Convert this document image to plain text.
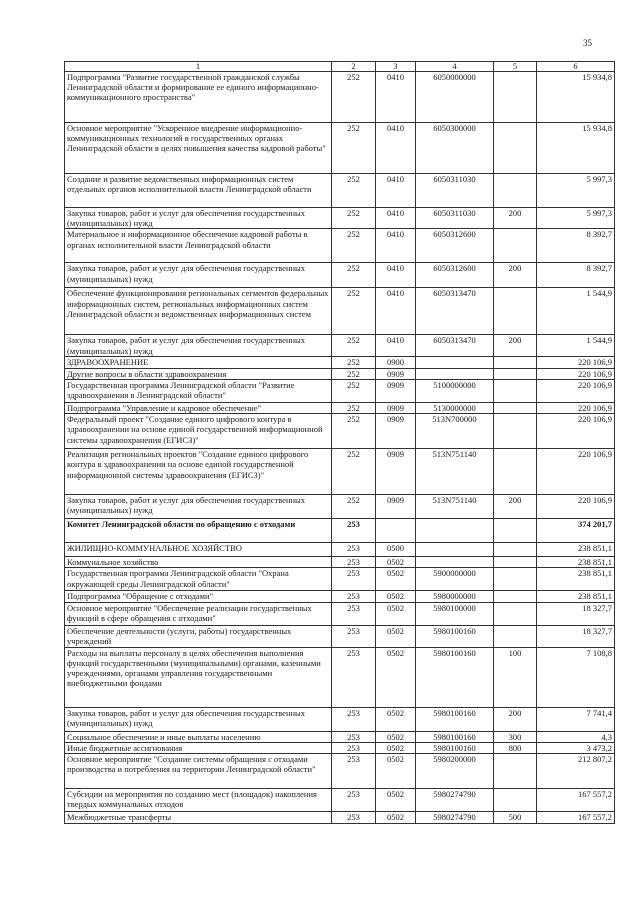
35
1	2	3	4	5	6
Подпрограмма "Развитие государственной гражданской службы Ленинградской области и формирование ее единого информационно-коммуникационного пространства"	252	0410	6050000000		15 934,8
Основное мероприятие "Ускоренное внедрение информационно-коммуникационных технологий в государственных органах Ленинградской области в целях повышения качества кадровой работы"	252	0410	6050300000		15 934,8
Создание и развитие ведомственных информационных систем отдельных органов исполнительной власти Ленинградской области	252	0410	6050311030		5 997,3
Закупка товаров, работ и услуг для обеспечения государственных (муниципальных) нужд	252	0410	6050311030	200	5 997,3
Материальное и информационное обеспечение кадровой работы в органах исполнительной власти Ленинградской области	252	0410	6050312600		8 392,7
Закупка товаров, работ и услуг для обеспечения государственных (муниципальных) нужд	252	0410	6050312600	200	8 392,7
Обеспечение функционирования региональных сегментов федеральных информационных систем, региональных информационных систем Ленинградской области и ведомственных информационных систем	252	0410	6050313470		1 544,9
Закупка товаров, работ и услуг для обеспечения государственных (муниципальных) нужд	252	0410	6050313470	200	1 544,9
ЗДРАВООХРАНЕНИЕ	252	0900			220 106,9
Другие вопросы в области здравоохранения	252	0909			220 106,9
Государственная программа Ленинградской области "Развитие здравоохранения в Ленинградской области"	252	0909	5100000000		220 106,9
Подпрограмма "Управление и кадровое обеспечение"	252	0909	5130000000		220 106,9
Федеральный проект "Создание единого цифрового контура в здравоохранении на основе единой государственной информационной системы здравоохранения (ЕГИСЗ)"	252	0909	513N700000		220 106,9
Реализация региональных проектов "Создание единого цифрового контура в здравоохранении на основе единой государственной информационной системы здравоохранения (ЕГИСЗ)"	252	0909	513N751140		220 106,9
Закупка товаров, работ и услуг для обеспечения государственных (муниципальных) нужд	252	0909	513N751140	200	220 106,9
Комитет Ленинградской области по обращению с отходами	253				374 201,7
ЖИЛИЩНО-КОММУНАЛЬНОЕ ХОЗЯЙСТВО	253	0500			238 851,1
Коммунальное хозяйство	253	0502			238 851,1
Государственная программа Ленинградской области "Охрана окружающей среды Ленинградской области"	253	0502	5900000000		238 851,1
Подпрограмма "Обращение с отходами"	253	0502	5980000000		238 851,1
Основное мероприятие "Обеспечение реализации государственных функций в сфере обращения с отходами"	253	0502	5980100000		18 327,7
Обеспечение деятельности (услуги, работы) государственных учреждений	253	0502	5980100160		18 327,7
Расходы на выплаты персоналу в целях обеспечения выполнения функций государственными (муниципальными) органами, казенными учреждениями, органами управления государственными внебюджетными фондами	253	0502	5980100160	100	7 108,8
Закупка товаров, работ и услуг для обеспечения государственных (муниципальных) нужд	253	0502	5980100160	200	7 741,4
Социальное обеспечение и иные выплаты населению	253	0502	5980100160	300	4,3
Иные бюджетные ассигнования	253	0502	5980100160	800	3 473,2
Основное мероприятие "Создание системы обращения с отходами производства и потребления на территории Ленинградской области"	253	0502	5980200000		212 807,2
Субсидии на мероприятия по созданию мест (площадок) накопления твердых коммунальных отходов	253	0502	5980274790		167 557,2
Межбюджетные трансферты	253	0502	5980274790	500	167 557,2
